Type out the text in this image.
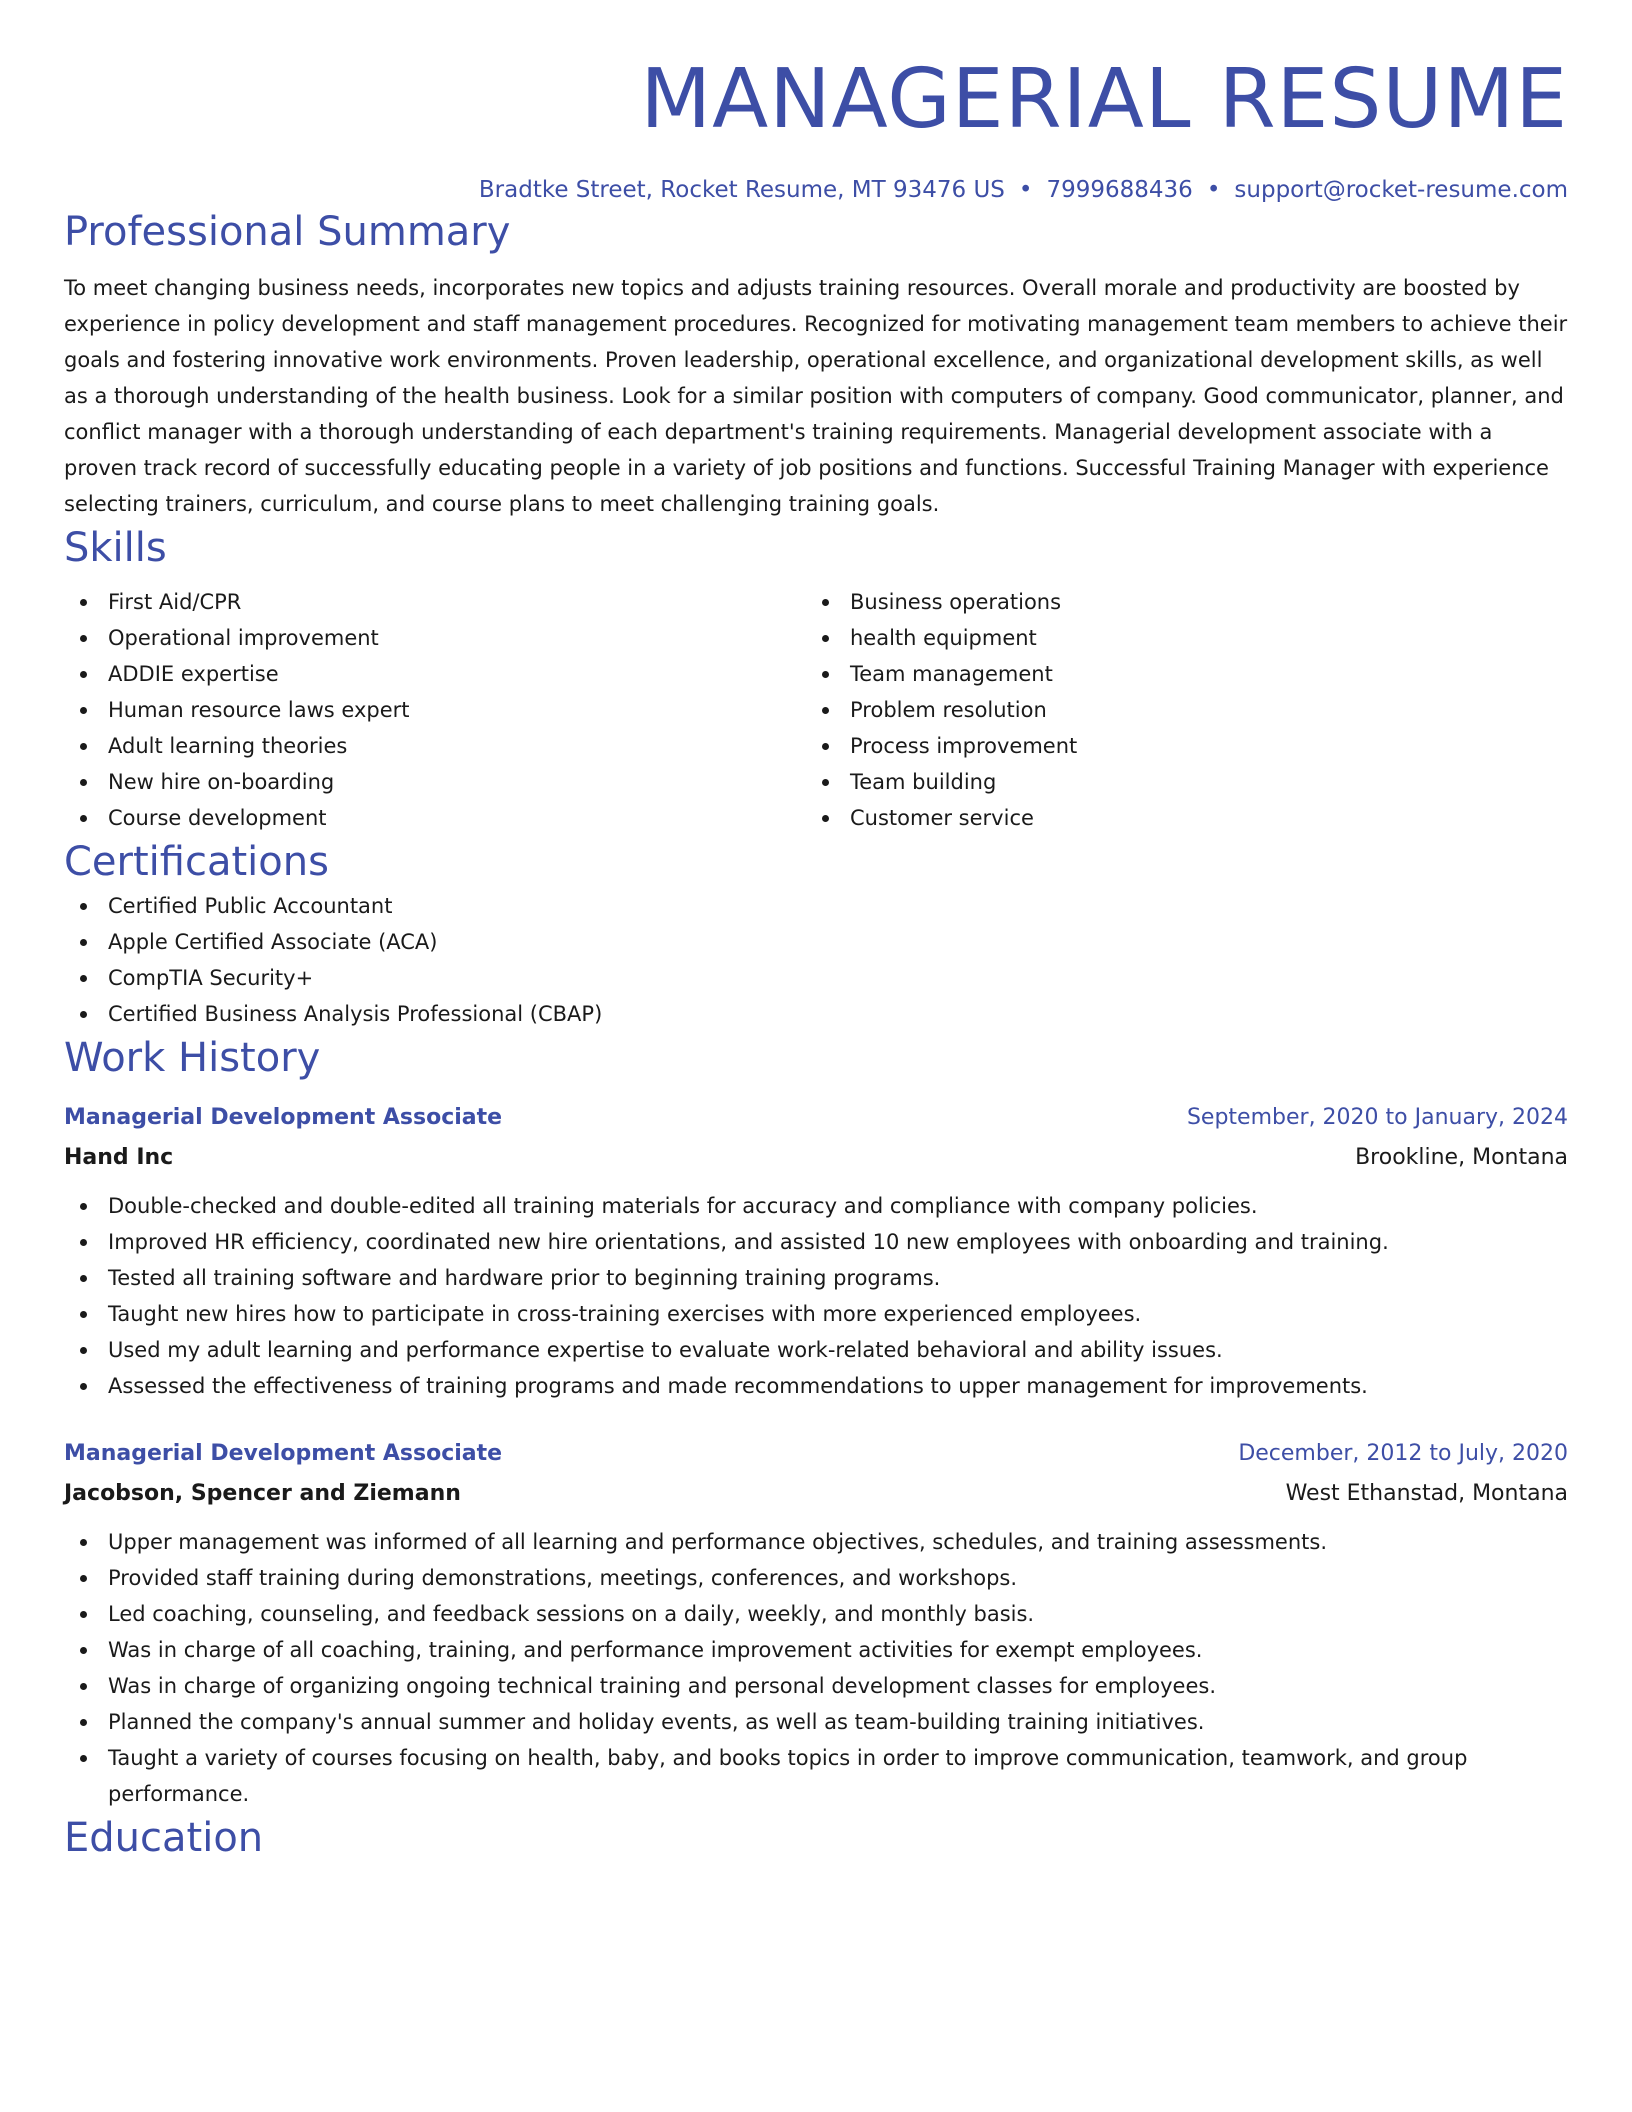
MANAGERIAL RESUME
Bradtke Street, Rocket Resume, MT 93476 US • 7999688436 • support@rocket-resume.com
Professional Summary
To meet changing business needs, incorporates new topics and adjusts training resources. Overall morale and productivity are boosted by experience in policy development and staff management procedures. Recognized for motivating management team members to achieve their goals and fostering innovative work environments. Proven leadership, operational excellence, and organizational development skills, as well as a thorough understanding of the health business. Look for a similar position with computers of company. Good communicator, planner, and conflict manager with a thorough understanding of each department's training requirements. Managerial development associate with a proven track record of successfully educating people in a variety of job positions and functions. Successful Training Manager with experience selecting trainers, curriculum, and course plans to meet challenging training goals.
Skills
First Aid/CPR
Operational improvement
ADDIE expertise
Human resource laws expert
Adult learning theories
New hire on-boarding
Course development
Business operations
health equipment
Team management
Problem resolution
Process improvement
Team building
Customer service
Certifications
Certified Public Accountant
Apple Certified Associate (ACA)
CompTIA Security+
Certified Business Analysis Professional (CBAP)
Work History
Managerial Development Associate	September, 2020 to January, 2024
Hand Inc	Brookline, Montana
Double-checked and double-edited all training materials for accuracy and compliance with company policies.
Improved HR efficiency, coordinated new hire orientations, and assisted 10 new employees with onboarding and training.
Tested all training software and hardware prior to beginning training programs.
Taught new hires how to participate in cross-training exercises with more experienced employees.
Used my adult learning and performance expertise to evaluate work-related behavioral and ability issues.
Assessed the effectiveness of training programs and made recommendations to upper management for improvements.
Managerial Development Associate	December, 2012 to July, 2020
Jacobson, Spencer and Ziemann	West Ethanstad, Montana
Upper management was informed of all learning and performance objectives, schedules, and training assessments.
Provided staff training during demonstrations, meetings, conferences, and workshops.
Led coaching, counseling, and feedback sessions on a daily, weekly, and monthly basis.
Was in charge of all coaching, training, and performance improvement activities for exempt employees.
Was in charge of organizing ongoing technical training and personal development classes for employees.
Planned the company's annual summer and holiday events, as well as team-building training initiatives.
Taught a variety of courses focusing on health, baby, and books topics in order to improve communication, teamwork, and group performance.
Education
